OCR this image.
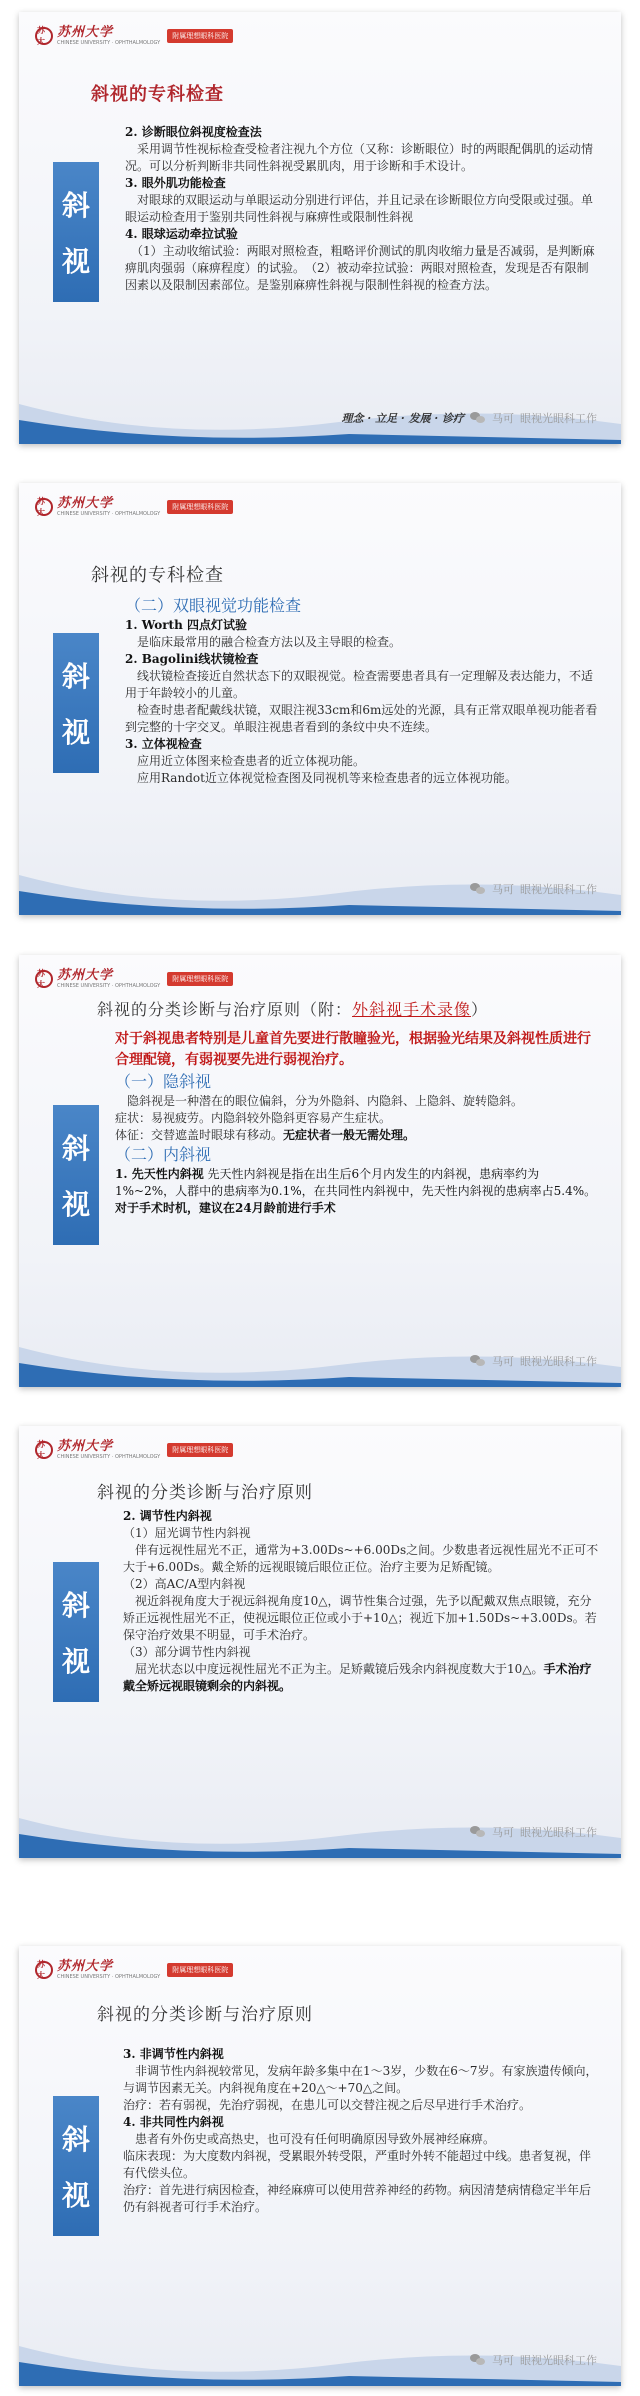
苏大
苏州大学
CHINESE UNIVERSITY · OPHTHALMOLOGY
附属理想眼科医院
斜视的专科检查
斜
视

2. 诊断眼位斜视度检查法

　采用调节性视标检查受检者注视九个方位（又称：诊断眼位）时的两眼配偶肌的运动情况。可以分析判断非共同性斜视受累肌肉，用于诊断和手术设计。

3. 眼外肌功能检查

　对眼球的双眼运动与单眼运动分别进行评估，并且记录在诊断眼位方向受限或过强。单眼运动检查用于鉴别共同性斜视与麻痹性或限制性斜视

4. 眼球运动牵拉试验

　（1）主动收缩试验：两眼对照检查，粗略评价测试的肌肉收缩力量是否减弱，是判断麻痹肌肉强弱（麻痹程度）的试验。　（2）被动牵拉试验：两眼对照检查，发现是否有限制因素以及限制因素部位。是鉴别麻痹性斜视与限制性斜视的检查方法。

理念 · 立足 · 发展 · 诊疗	马可 眼视光眼科工作
苏大
苏州大学
CHINESE UNIVERSITY · OPHTHALMOLOGY
附属理想眼科医院
斜视的专科检查
斜
视

（二）双眼视觉功能检查

1. Worth 四点灯试验

　是临床最常用的融合检查方法以及主导眼的检查。

2. Bagolini线状镜检查

　线状镜检查接近自然状态下的双眼视觉。检查需要患者具有一定理解及表达能力，不适用于年龄较小的儿童。

　检查时患者配戴线状镜，双眼注视33cm和6m远处的光源，具有正常双眼单视功能者看到完整的十字交叉。单眼注视患者看到的条纹中央不连续。

3. 立体视检查

　应用近立体图来检查患者的近立体视功能。

　应用Randot近立体视觉检查图及同视机等来检查患者的远立体视功能。

马可 眼视光眼科工作
苏大
苏州大学
CHINESE UNIVERSITY · OPHTHALMOLOGY
附属理想眼科医院
斜视的分类诊断与治疗原则（附：外斜视手术录像）
斜
视

对于斜视患者特别是儿童首先要进行散瞳验光，根据验光结果及斜视性质进行合理配镜，有弱视要先进行弱视治疗。

（一）隐斜视

　隐斜视是一种潜在的眼位偏斜，分为外隐斜、内隐斜、上隐斜、旋转隐斜。

症状：易视疲劳。内隐斜较外隐斜更容易产生症状。

体征：交替遮盖时眼球有移动。无症状者一般无需处理。

（二）内斜视

1. 先天性内斜视 先天性内斜视是指在出生后6个月内发生的内斜视，患病率约为1%~2%，人群中的患病率为0.1%，在共同性内斜视中，先天性内斜视的患病率占5.4%。对于手术时机，建议在24月龄前进行手术

马可 眼视光眼科工作
苏大
苏州大学
CHINESE UNIVERSITY · OPHTHALMOLOGY
附属理想眼科医院
斜视的分类诊断与治疗原则
斜
视

2. 调节性内斜视

（1）屈光调节性内斜视

　伴有远视性屈光不正，通常为+3.00Ds~+6.00Ds之间。少数患者远视性屈光不正可不大于+6.00Ds。戴全矫的远视眼镜后眼位正位。治疗主要为足矫配镜。

（2）高AC/A型内斜视

　视近斜视角度大于视远斜视角度10△，调节性集合过强，先予以配戴双焦点眼镜，充分矫正远视性屈光不正，使视远眼位正位或小于+10△；视近下加+1.50Ds~+3.00Ds。若保守治疗效果不明显，可手术治疗。

（3）部分调节性内斜视

　屈光状态以中度远视性屈光不正为主。足矫戴镜后残余内斜视度数大于10△。手术治疗戴全矫远视眼镜剩余的内斜视。

马可 眼视光眼科工作
苏大
苏州大学
CHINESE UNIVERSITY · OPHTHALMOLOGY
附属理想眼科医院
斜视的分类诊断与治疗原则
斜
视

3. 非调节性内斜视

　非调节性内斜视较常见，发病年龄多集中在1～3岁，少数在6～7岁。有家族遗传倾向，与调节因素无关。内斜视角度在+20△～+70△之间。

治疗：若有弱视，先治疗弱视，在患儿可以交替注视之后尽早进行手术治疗。

4. 非共同性内斜视

　患者有外伤史或高热史，也可没有任何明确原因导致外展神经麻痹。

临床表现：为大度数内斜视，受累眼外转受限，严重时外转不能超过中线。患者复视，伴有代偿头位。

治疗：首先进行病因检查，神经麻痹可以使用营养神经的药物。病因清楚病情稳定半年后仍有斜视者可行手术治疗。

马可 眼视光眼科工作
